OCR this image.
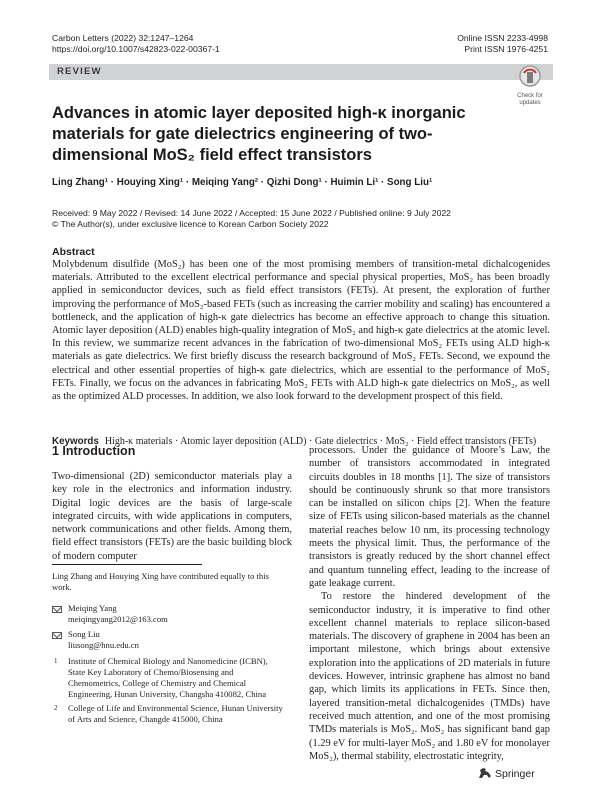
Carbon Letters (2022) 32:1247–1264
https://doi.org/10.1007/s42823-022-00367-1
Online ISSN 2233-4998
Print ISSN 1976-4251
REVIEW
Check for
updates
Advances in atomic layer deposited high-κ inorganic materials for gate dielectrics engineering of two-dimensional MoS₂ field effect transistors
Ling Zhang¹ · Houying Xing¹ · Meiqing Yang² · Qizhi Dong¹ · Huimin Li¹ · Song Liu¹
Received: 9 May 2022 / Revised: 14 June 2022 / Accepted: 15 June 2022 / Published online: 9 July 2022
© The Author(s), under exclusive licence to Korean Carbon Society 2022
Abstract
Molybdenum disulfide (MoS₂) has been one of the most promising members of transition-metal dichalcogenides materials. Attributed to the excellent electrical performance and special physical properties, MoS₂ has been broadly applied in semiconductor devices, such as field effect transistors (FETs). At present, the exploration of further improving the performance of MoS₂-based FETs (such as increasing the carrier mobility and scaling) has encountered a bottleneck, and the application of high-κ gate dielectrics has become an effective approach to change this situation. Atomic layer deposition (ALD) enables high-quality integration of MoS₂ and high-κ gate dielectrics at the atomic level. In this review, we summarize recent advances in the fabrication of two-dimensional MoS₂ FETs using ALD high-κ materials as gate dielectrics. We first briefly discuss the research background of MoS₂ FETs. Second, we expound the electrical and other essential properties of high-κ gate dielectrics, which are essential to the performance of MoS₂ FETs. Finally, we focus on the advances in fabricating MoS₂ FETs with ALD high-κ gate dielectrics on MoS₂, as well as the optimized ALD processes. In addition, we also look forward to the development prospect of this field.
Keywords High-κ materials · Atomic layer deposition (ALD) · Gate dielectrics · MoS₂ · Field effect transistors (FETs)
1 Introduction

Two-dimensional (2D) semiconductor materials play a key role in the electronics and information industry. Digital logic devices are the basis of large-scale integrated circuits, with wide applications in computers, network communications and other fields. Among them, field effect transistors (FETs) are the basic building block of modern computer

processors. Under the guidance of Moore’s Law, the number of transistors accommodated in integrated circuits doubles in 18 months [1]. The size of transistors should be continuously shrunk so that more transistors can be installed on silicon chips [2]. When the feature size of FETs using silicon-based materials as the channel material reaches below 10 nm, its processing technology meets the physical limit. Thus, the performance of the transistors is greatly reduced by the short channel effect and quantum tunneling effect, leading to the increase of gate leakage current.

To restore the hindered development of the semiconductor industry, it is imperative to find other excellent channel materials to replace silicon-based materials. The discovery of graphene in 2004 has been an important milestone, which brings about extensive exploration into the applications of 2D materials in future devices. However, intrinsic graphene has almost no band gap, which limits its applications in FETs. Since then, layered transition-metal dichalcogenides (TMDs) have received much attention, and one of the most promising TMDs materials is MoS₂. MoS₂ has significant band gap (1.29 eV for multi-layer MoS₂ and 1.80 eV for monolayer MoS₂), thermal stability, electrostatic integrity,

Ling Zhang and Houying Xing have contributed equally to this work.
Meiqing Yang
meiqingyang2012@163.com
Song Liu
liusong@hnu.edu.cn
1 Institute of Chemical Biology and Nanomedicine (ICBN), State Key Laboratory of Chemo/Biosensing and Chemometrics, College of Chemistry and Chemical Engineering, Hunan University, Changsha 410082, China
2 College of Life and Environmental Science, Hunan University of Arts and Science, Changde 415000, China
Springer
